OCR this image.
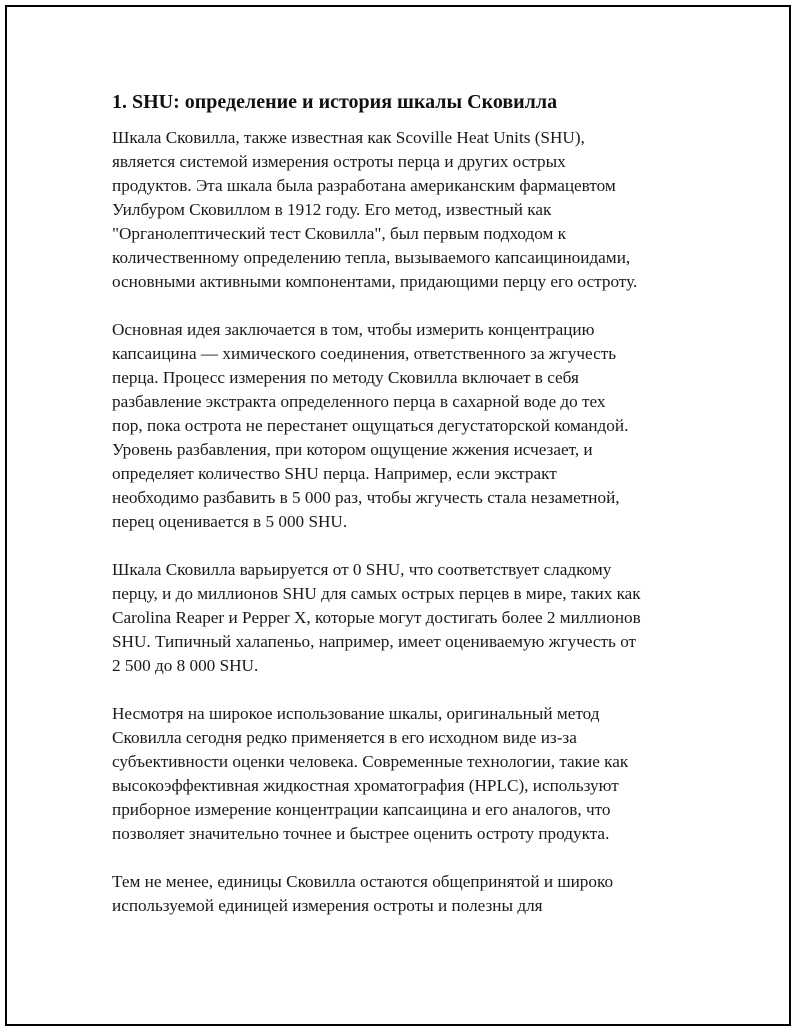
1. SHU: определение и история шкалы Сковилла

Шкала Сковилла, также известная как Scoville Heat Units (SHU),
является системой измерения остроты перца и других острых
продуктов. Эта шкала была разработана американским фармацевтом
Уилбуром Сковиллом в 1912 году. Его метод, известный как
"Органолептический тест Сковилла", был первым подходом к
количественному определению тепла, вызываемого капсаициноидами,
основными активными компонентами, придающими перцу его остроту.

Основная идея заключается в том, чтобы измерить концентрацию
капсаицина — химического соединения, ответственного за жгучесть
перца. Процесс измерения по методу Сковилла включает в себя
разбавление экстракта определенного перца в сахарной воде до тех
пор, пока острота не перестанет ощущаться дегустаторской командой.
Уровень разбавления, при котором ощущение жжения исчезает, и
определяет количество SHU перца. Например, если экстракт
необходимо разбавить в 5 000 раз, чтобы жгучесть стала незаметной,
перец оценивается в 5 000 SHU.

Шкала Сковилла варьируется от 0 SHU, что соответствует сладкому
перцу, и до миллионов SHU для самых острых перцев в мире, таких как
Carolina Reaper и Pepper X, которые могут достигать более 2 миллионов
SHU. Типичный халапеньо, например, имеет оцениваемую жгучесть от
2 500 до 8 000 SHU.

Несмотря на широкое использование шкалы, оригинальный метод
Сковилла сегодня редко применяется в его исходном виде из-за
субъективности оценки человека. Современные технологии, такие как
высокоэффективная жидкостная хроматография (HPLC), используют
приборное измерение концентрации капсаицина и его аналогов, что
позволяет значительно точнее и быстрее оценить остроту продукта.

Тем не менее, единицы Сковилла остаются общепринятой и широко
используемой единицей измерения остроты и полезны для
